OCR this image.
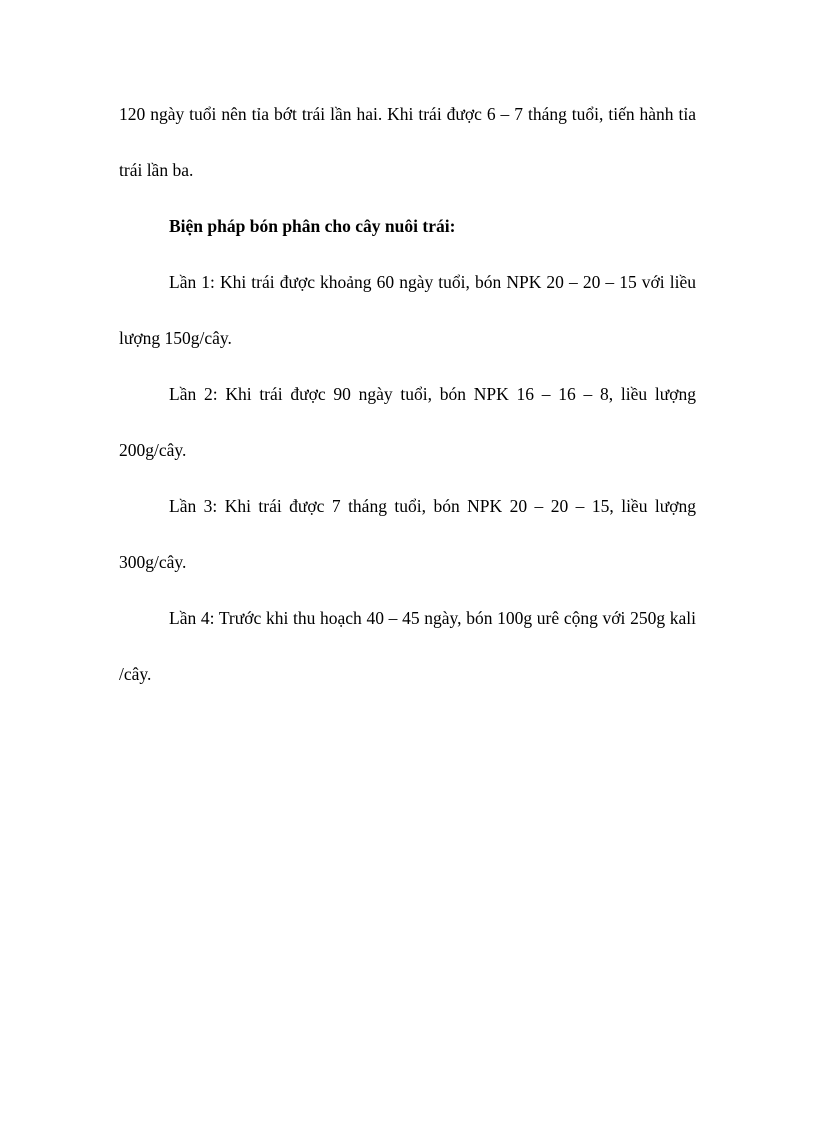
120 ngày tuổi nên tỉa bớt trái lần hai. Khi trái được 6 – 7 tháng tuổi, tiến hành tỉa trái lần ba.

Biện pháp bón phân cho cây nuôi trái:

Lần 1: Khi trái được khoảng 60 ngày tuổi, bón NPK 20 – 20 – 15 với liều lượng 150g/cây.

Lần 2: Khi trái được 90 ngày tuổi, bón NPK 16 – 16 – 8, liều lượng 200g/cây.

Lần 3: Khi trái được 7 tháng tuổi, bón NPK 20 – 20 – 15, liều lượng 300g/cây.

Lần 4: Trước khi thu hoạch 40 – 45 ngày, bón 100g urê cộng với 250g kali /cây.
